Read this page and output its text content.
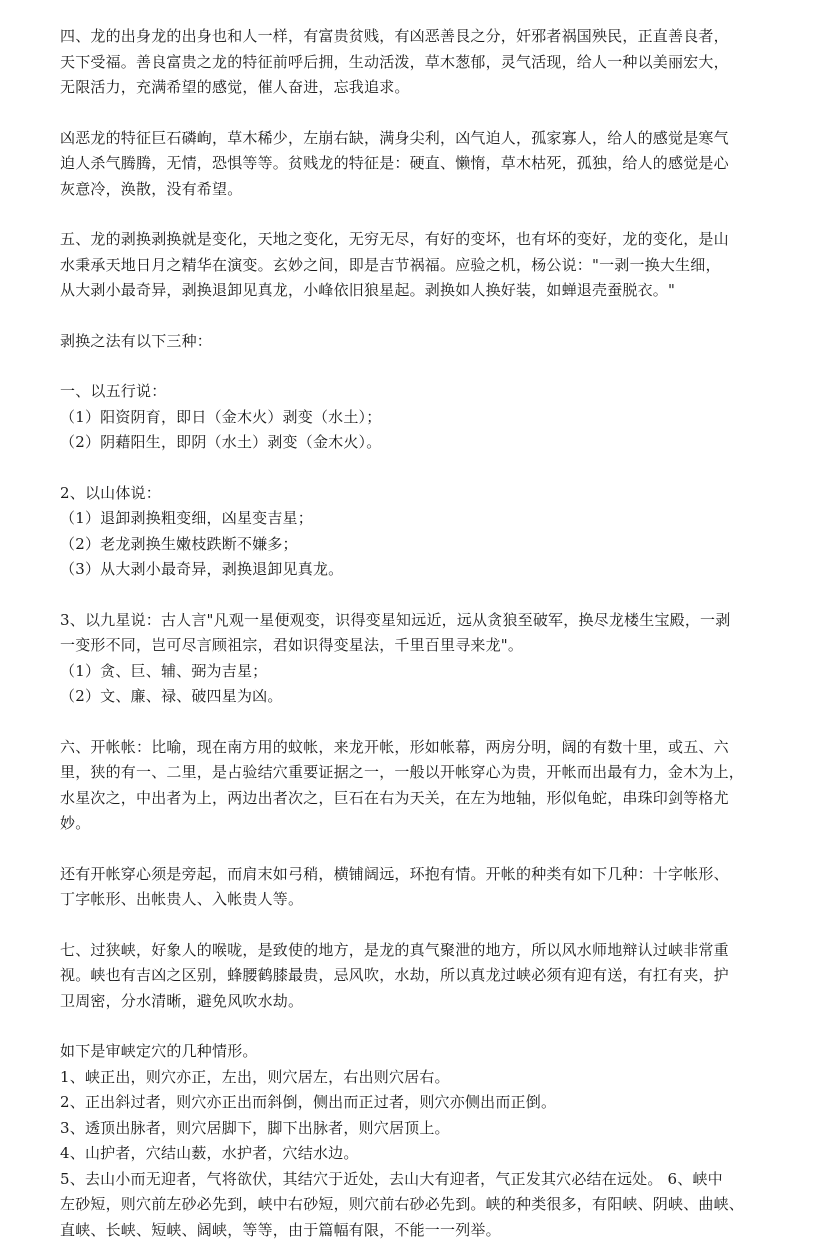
四、龙的出身龙的出身也和人一样，有富贵贫贱，有凶恶善艮之分，奸邪者祸国殃民，正直善良者，

天下受福。善良富贵之龙的特征前呼后拥，生动活泼，草木葱郁，灵气活现，给人一种以美丽宏大，

无限活力，充满希望的感觉，催人奋进，忘我追求。

凶恶龙的特征巨石磷峋，草木稀少，左崩右缺，满身尖利，凶气迫人，孤家寡人，给人的感觉是寒气

迫人杀气腾腾，无情，恐惧等等。贫贱龙的特征是：硬直、懒惰，草木枯死，孤独，给人的感觉是心

灰意冷，涣散，没有希望。

五、龙的剥换剥换就是变化，天地之变化，无穷无尽，有好的变坏，也有坏的变好，龙的变化，是山

水秉承天地日月之精华在演变。玄妙之间，即是吉节祸福。应验之机，杨公说："一剥一换大生细，

从大剥小最奇异，剥换退卸见真龙，小峰依旧狼星起。剥换如人换好装，如蝉退壳蚕脱衣。"

剥换之法有以下三种：

一、以五行说：

（1）阳资阴育，即日（金木火）剥变（水土）；

（2）阴藉阳生，即阴（水土）剥变（金木火）。

2、以山体说：

（1）退卸剥换粗变细，凶星变吉星；

（2）老龙剥换生嫩枝跌断不嫌多；

（3）从大剥小最奇异，剥换退卸见真龙。

3、以九星说：古人言"凡观一星便观变，识得变星知远近，远从贪狼至破军，换尽龙楼生宝殿，一剥

一变形不同，岂可尽言顾祖宗，君如识得变星法，千里百里寻来龙"。

（1）贪、巨、辅、弼为吉星；

（2）文、廉、禄、破四星为凶。

六、开帐帐：比喻，现在南方用的蚊帐，来龙开帐，形如帐幕，两房分明，阔的有数十里，或五、六

里，狭的有一、二里，是占验结穴重要证据之一，一般以开帐穿心为贵，开帐而出最有力，金木为上，

水星次之，中出者为上，两边出者次之，巨石在右为天关，在左为地轴，形似龟蛇，串珠印剑等格尤

妙。

还有开帐穿心须是旁起，而肩末如弓稍，横铺阔远，环抱有情。开帐的种类有如下几种：十字帐形、

丁字帐形、出帐贵人、入帐贵人等。

七、过狭峡，好象人的喉咙，是致使的地方，是龙的真气聚泄的地方，所以风水师地辩认过峡非常重

视。峡也有吉凶之区别，蜂腰鹤膝最贵，忌风吹，水劫，所以真龙过峡必须有迎有送，有扛有夹，护

卫周密，分水清晰，避免风吹水劫。

如下是审峡定穴的几种情形。

1、峡正出，则穴亦正，左出，则穴居左，右出则穴居右。

2、正出斜过者，则穴亦正出而斜倒，侧出而正过者，则穴亦侧出而正倒。

3、透顶出脉者，则穴居脚下，脚下出脉者，则穴居顶上。

4、山护者，穴结山薮，水护者，穴结水边。

5、去山小而无迎者，气将欲伏，其结穴于近处，去山大有迎者，气正发其穴必结在远处。 6、峡中

左砂短，则穴前左砂必先到，峡中右砂短，则穴前右砂必先到。峡的种类很多，有阳峡、阴峡、曲峡、

直峡、长峡、短峡、阔峡，等等，由于篇幅有限，不能一一列举。
